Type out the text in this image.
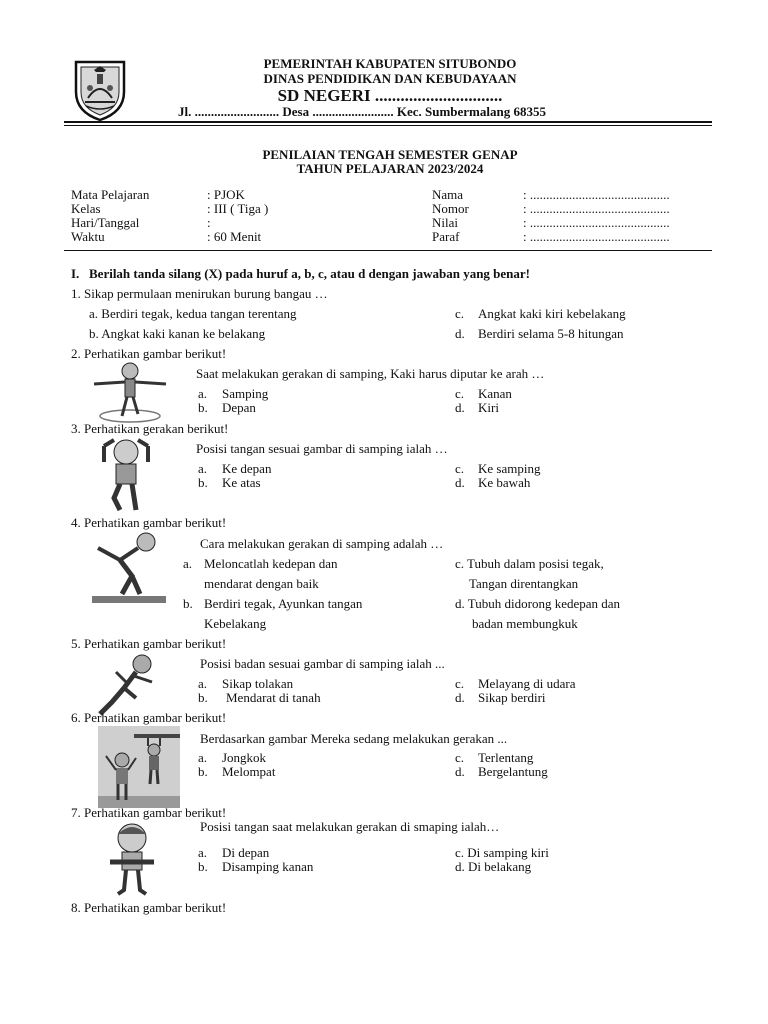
PEMERINTAH KABUPATEN SITUBONDO
DINAS PENDIDIKAN DAN KEBUDAYAAN
SD NEGERI ..............................
Jl. .......................... Desa ......................... Kec. Sumbermalang 68355
PENILAIAN TENGAH SEMESTER GENAP
TAHUN PELAJARAN 2023/2024
Mata Pelajaran	: PJOK
Kelas	: III ( Tiga )
Hari/Tanggal	:
Waktu	: 60 Menit
Nama	: ...........................................
Nomor	: ...........................................
Nilai	: ...........................................
Paraf	: ...........................................
I. Berilah tanda silang (X) pada huruf a, b, c, atau d dengan jawaban yang benar!
1. Sikap permulaan menirukan burung bangau …
a. Berdiri tegak, kedua tangan terentang
b. Angkat kaki kanan ke belakang
c. Angkat kaki kiri kebelakang
d. Berdiri selama 5-8 hitungan
2. Perhatikan gambar berikut!
Saat melakukan gerakan di samping, Kaki harus diputar ke arah …
a. Samping
b. Depan
c. Kanan
d. Kiri
3. Perhatikan gerakan berikut!
Posisi tangan sesuai gambar di samping ialah …
a. Ke depan
b. Ke atas
c. Ke samping
d. Ke bawah
4. Perhatikan gambar berikut!
Cara melakukan gerakan di samping adalah …
a. Meloncatlah kedepan dan
mendarat dengan baik
b. Berdiri tegak, Ayunkan tangan
Kebelakang
c. Tubuh dalam posisi tegak,
Tangan direntangkan
d. Tubuh didorong kedepan dan
badan membungkuk
5. Perhatikan gambar berikut!
Posisi badan sesuai gambar di samping ialah ...
a. Sikap tolakan
b. Mendarat di tanah
c. Melayang di udara
d. Sikap berdiri
6. Perhatikan gambar berikut!
Berdasarkan gambar Mereka sedang melakukan gerakan ...
a. Jongkok
b. Melompat
c. Terlentang
d. Bergelantung
7. Perhatikan gambar berikut!
Posisi tangan saat melakukan gerakan di smaping ialah…
a. Di depan
b. Disamping kanan
c. Di samping kiri
d. Di belakang
8. Perhatikan gambar berikut!
